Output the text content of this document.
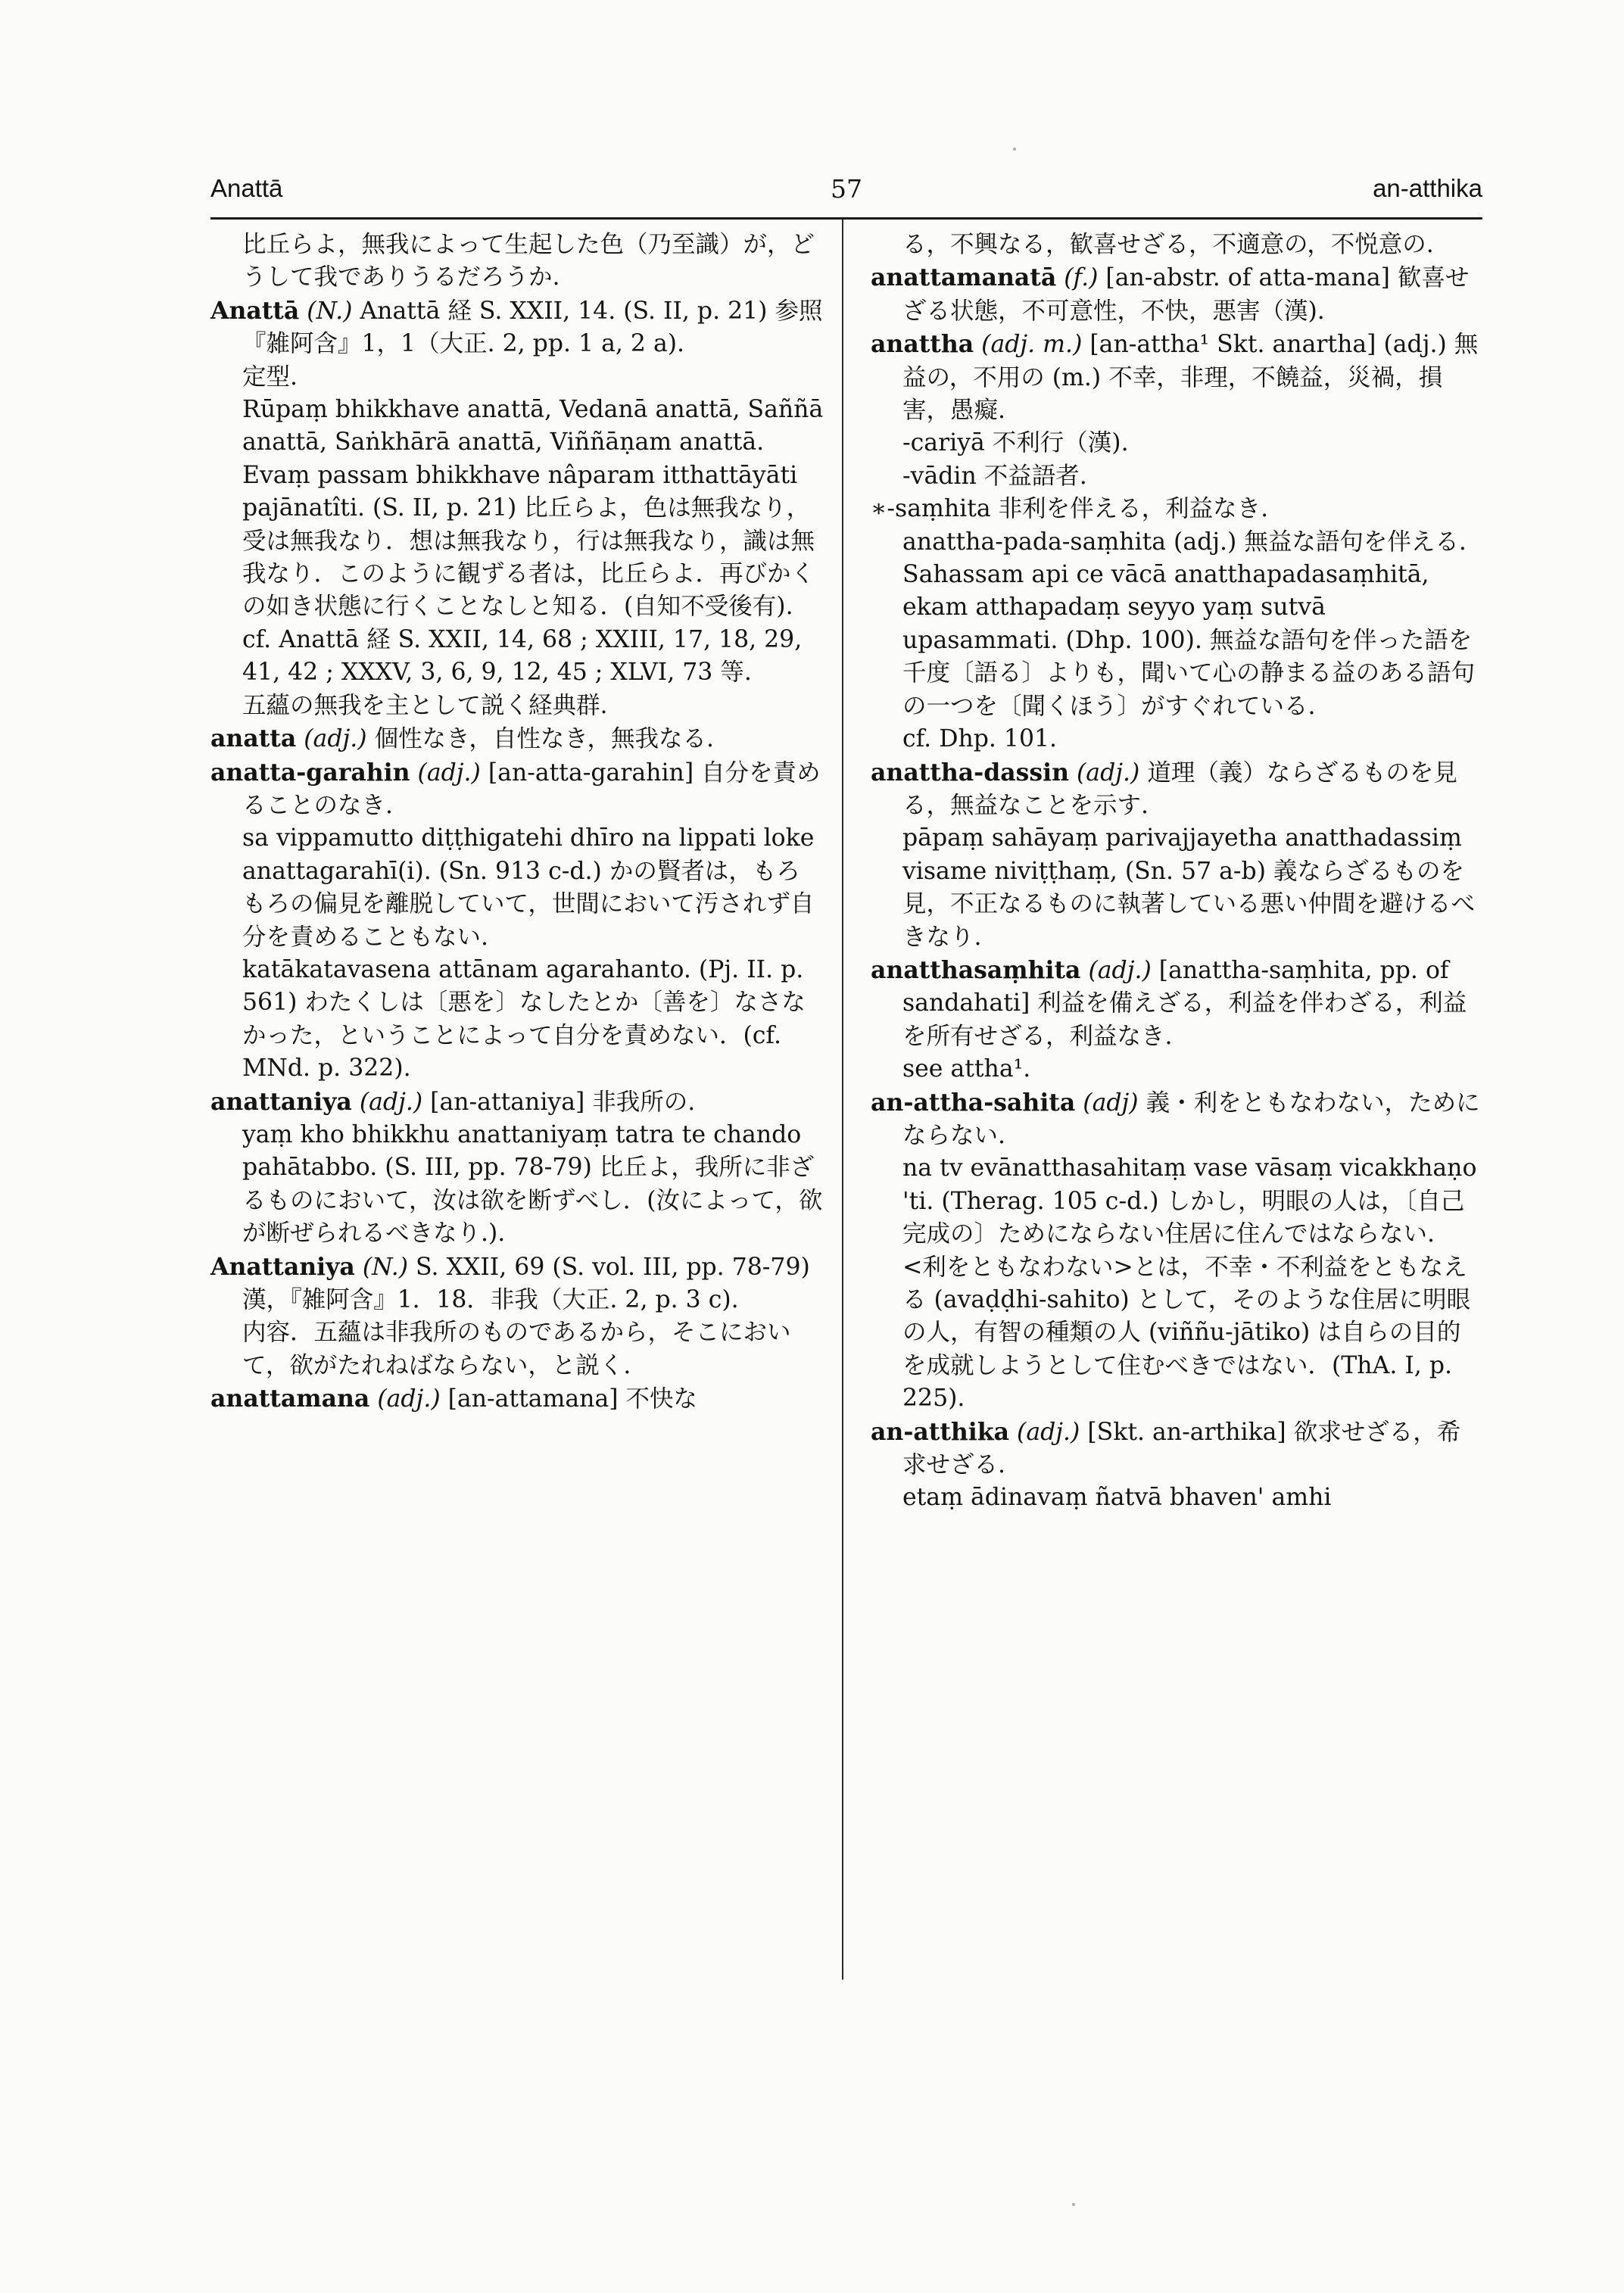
Anattā	57	an-atthika

比丘らよ，無我によって生起した色（乃至識）が，どうして我でありうるだろうか.

Anattā (N.) Anattā 経 S. XXII, 14. (S. II, p. 21) 参照『雑阿含』1，1（大正. 2, pp. 1 a, 2 a).

定型.

Rūpaṃ bhikkhave anattā, Vedanā anattā, Saññā anattā, Saṅkhārā anattā, Viññāṇam anattā. Evaṃ passam bhikkhave nâparam itthattāyāti pajānatîti. (S. II, p. 21) 比丘らよ，色は無我なり，受は無我なり．想は無我なり，行は無我なり，識は無我なり．このように観ずる者は，比丘らよ．再びかくの如き状態に行くことなしと知る．(自知不受後有).

cf. Anattā 経 S. XXII, 14, 68 ; XXIII, 17, 18, 29, 41, 42 ; XXXV, 3, 6, 9, 12, 45 ; XLVI, 73 等.

五蘊の無我を主として説く経典群.

anatta (adj.) 個性なき，自性なき，無我なる.

anatta-garahin (adj.) [an-atta-garahin] 自分を責めることのなき.

sa vippamutto diṭṭhigatehi dhīro na lippati loke anattagarahī(i). (Sn. 913 c-d.) かの賢者は，もろもろの偏見を離脱していて，世間において汚されず自分を責めることもない.

katākatavasena attānam agarahanto. (Pj. II. p. 561) わたくしは〔悪を〕なしたとか〔善を〕なさなかった，ということによって自分を責めない．(cf. MNd. p. 322).

anattaniya (adj.) [an-attaniya] 非我所の.

yaṃ kho bhikkhu anattaniyaṃ tatra te chando pahātabbo. (S. III, pp. 78-79) 比丘よ，我所に非ざるものにおいて，汝は欲を断ずべし．(汝によって，欲が断ぜられるべきなり.).

Anattaniya (N.) S. XXII, 69 (S. vol. III, pp. 78-79) 漢，『雑阿含』1．18．非我（大正. 2, p. 3 c).

内容．五蘊は非我所のものであるから，そこにおいて，欲がたれねばならない，と説く.

anattamana (adj.) [an-attamana] 不快な

る，不興なる，歓喜せざる，不適意の，不悦意の.

anattamanatā (f.) [an-abstr. of atta-mana] 歓喜せざる状態，不可意性，不快，悪害（漢).

anattha (adj. m.) [an-attha¹ Skt. anartha] (adj.) 無益の，不用の (m.) 不幸，非理，不饒益，災禍，損害，愚癡.

-cariyā 不利行（漢).

-vādin 不益語者.

∗-saṃhita 非利を伴える，利益なき.

anattha-pada-saṃhita (adj.) 無益な語句を伴える.

Sahassam api ce vācā anatthapadasaṃhitā, ekam atthapadaṃ seyyo yaṃ sutvā upasammati. (Dhp. 100). 無益な語句を伴った語を千度〔語る〕よりも，聞いて心の静まる益のある語句の一つを〔聞くほう〕がすぐれている.

cf. Dhp. 101.

anattha-dassin (adj.) 道理（義）ならざるものを見る，無益なことを示す.

pāpaṃ sahāyaṃ parivajjayetha anatthadassiṃ visame niviṭṭhaṃ, (Sn. 57 a-b) 義ならざるものを見，不正なるものに執著している悪い仲間を避けるべきなり.

anatthasaṃhita (adj.) [anattha-saṃhita, pp. of sandahati] 利益を備えざる，利益を伴わざる，利益を所有せざる，利益なき.

see attha¹.

an-attha-sahita (adj) 義・利をともなわない，ためにならない.

na tv evānatthasahitaṃ vase vāsaṃ vicakkhaṇo 'ti. (Therag. 105 c-d.) しかし，明眼の人は，〔自己完成の〕ためにならない住居に住んではならない.

<利をともなわない>とは，不幸・不利益をともなえる (avaḍḍhi-sahito) として，そのような住居に明眼の人，有智の種類の人 (viññu-jātiko) は自らの目的を成就しようとして住むべきではない．(ThA. I, p. 225).

an-atthika (adj.) [Skt. an-arthika] 欲求せざる，希求せざる.

etaṃ ādinavaṃ ñatvā bhaven' amhi
